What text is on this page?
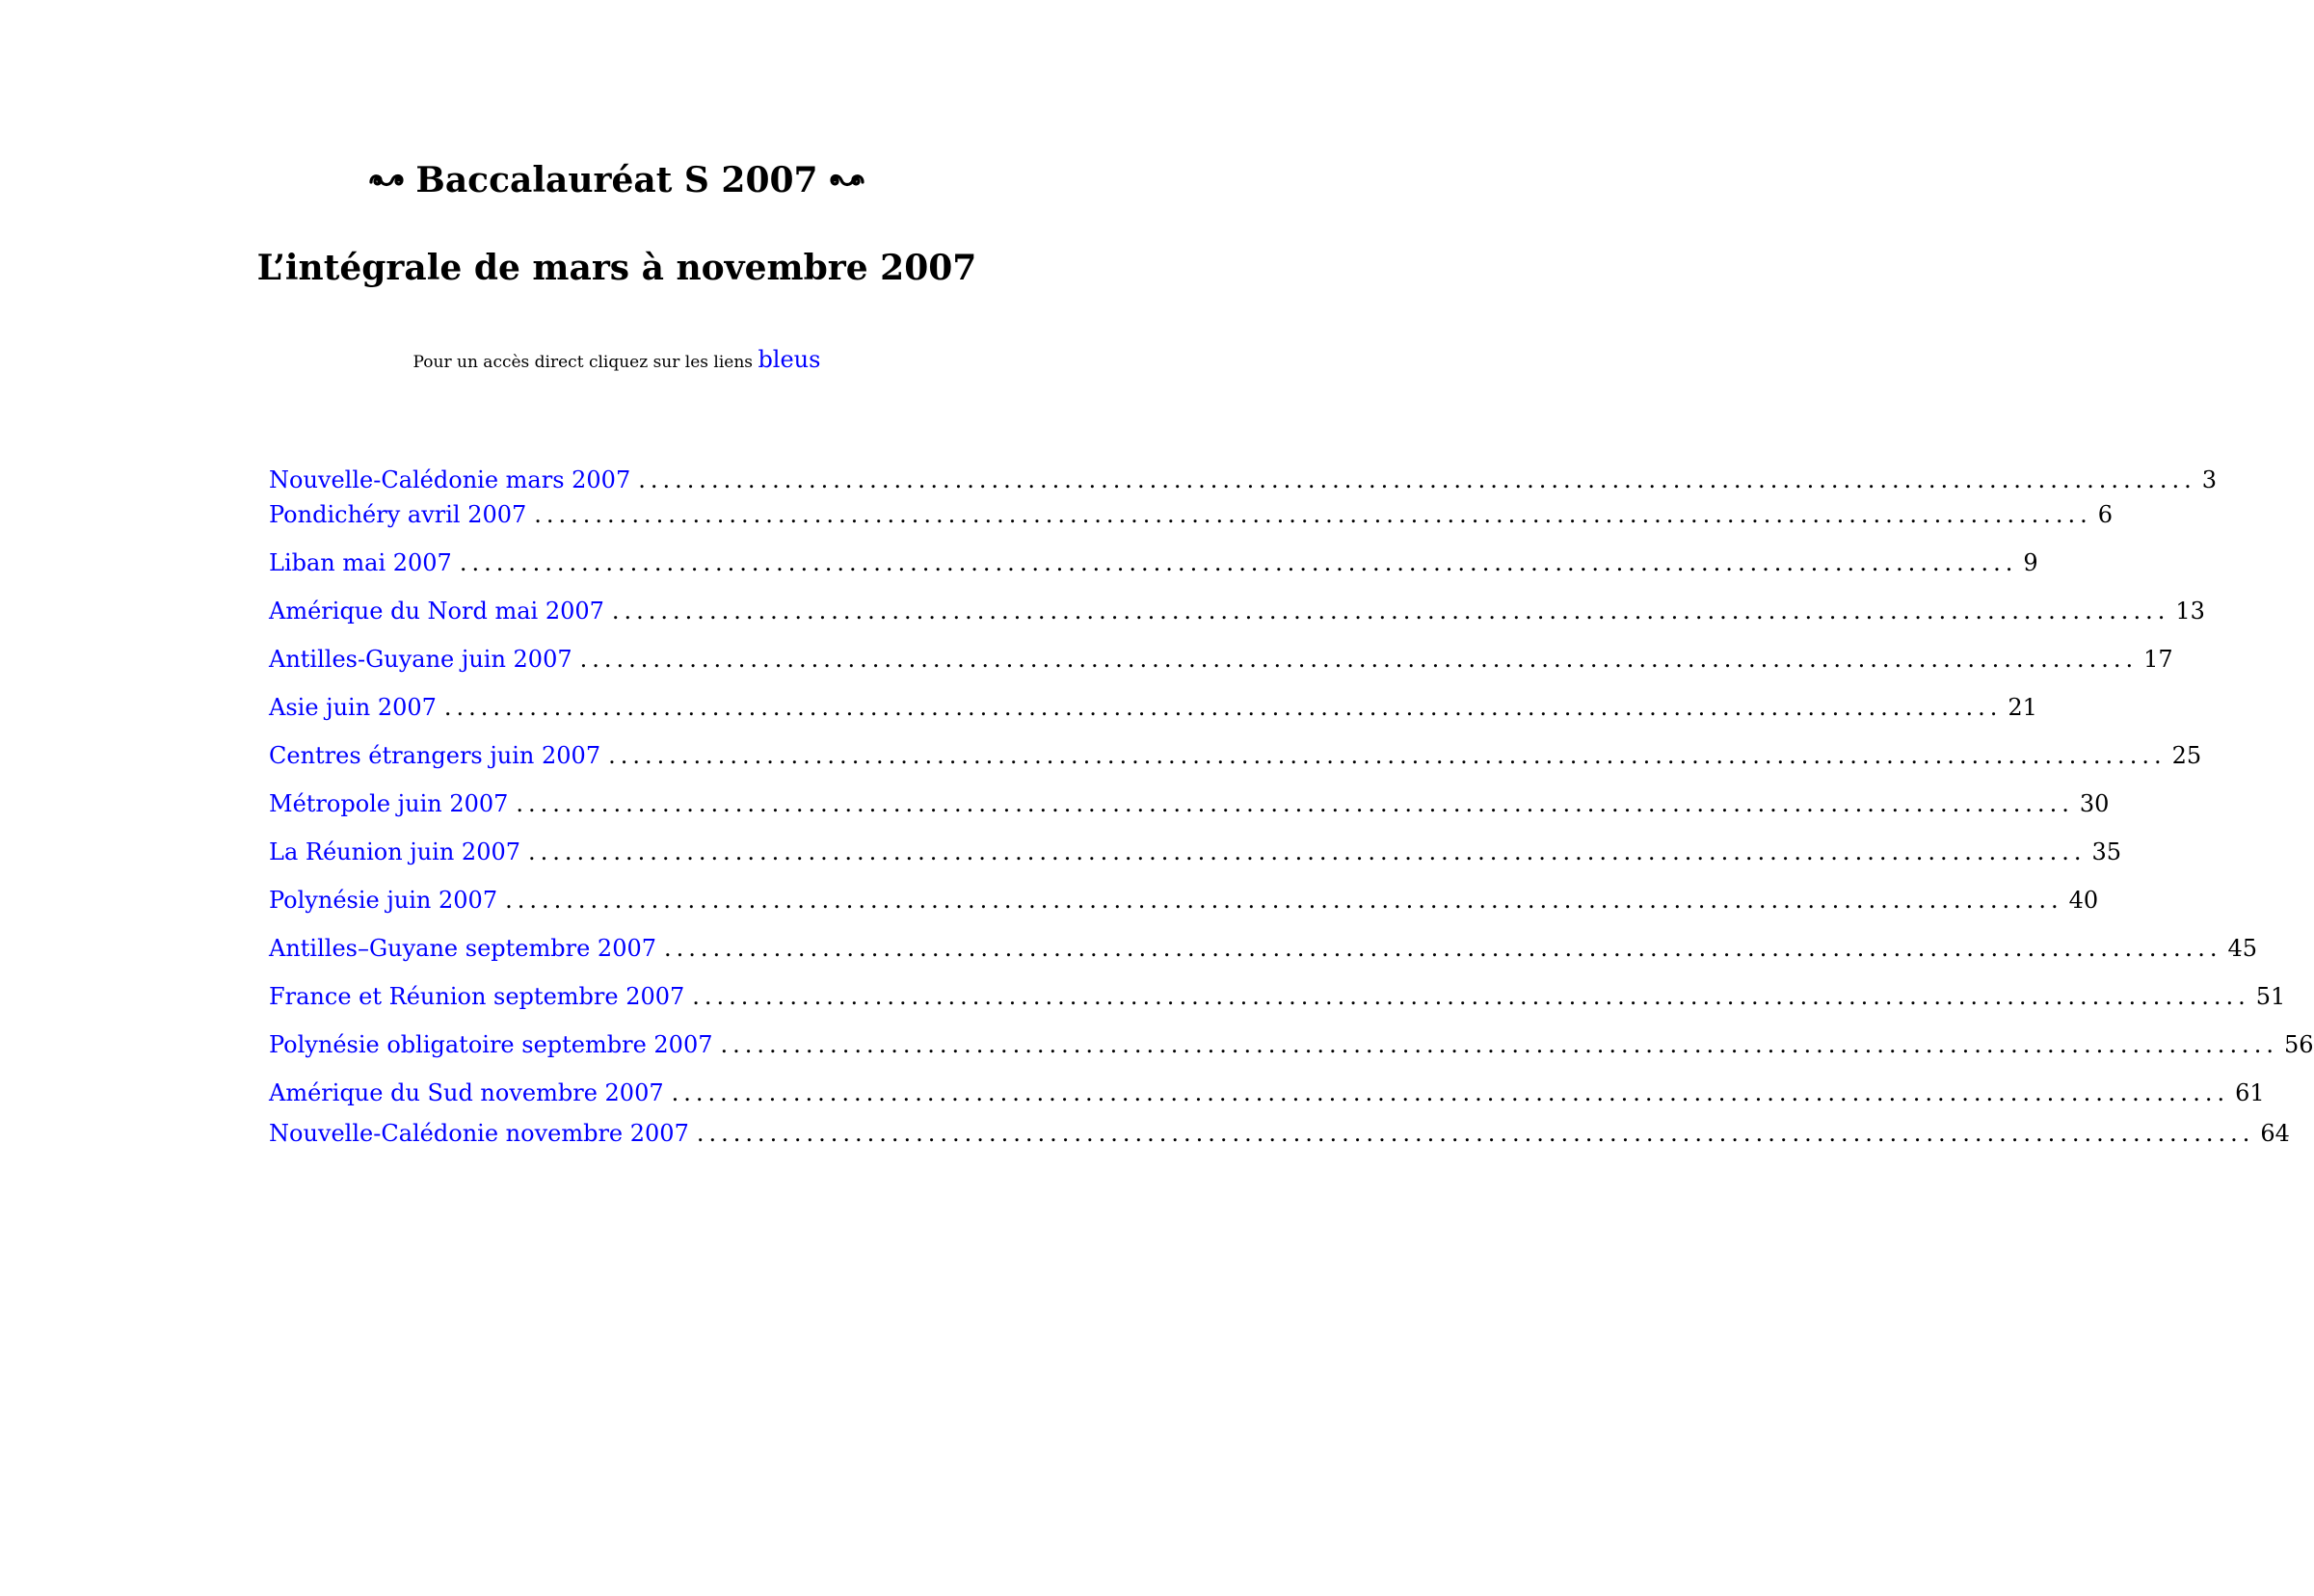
Baccalauréat S 2007
L’intégrale de mars à novembre 2007
Pour un accès direct cliquez sur les liens bleus
Nouvelle-Calédonie mars 2007 ................................................................................................................................ 3
Pondichéry avril 2007 ................................................................................................................................ 6
Liban mai 2007 ................................................................................................................................ 9
Amérique du Nord mai 2007 ................................................................................................................................ 13
Antilles-Guyane juin 2007 ................................................................................................................................ 17
Asie juin 2007 ................................................................................................................................ 21
Centres étrangers juin 2007 ................................................................................................................................ 25
Métropole juin 2007 ................................................................................................................................ 30
La Réunion juin 2007 ................................................................................................................................ 35
Polynésie juin 2007 ................................................................................................................................ 40
Antilles–Guyane septembre 2007 ................................................................................................................................ 45
France et Réunion septembre 2007 ................................................................................................................................ 51
Polynésie obligatoire septembre 2007 ................................................................................................................................ 56
Amérique du Sud novembre 2007 ................................................................................................................................ 61
Nouvelle-Calédonie novembre 2007 ................................................................................................................................ 64
